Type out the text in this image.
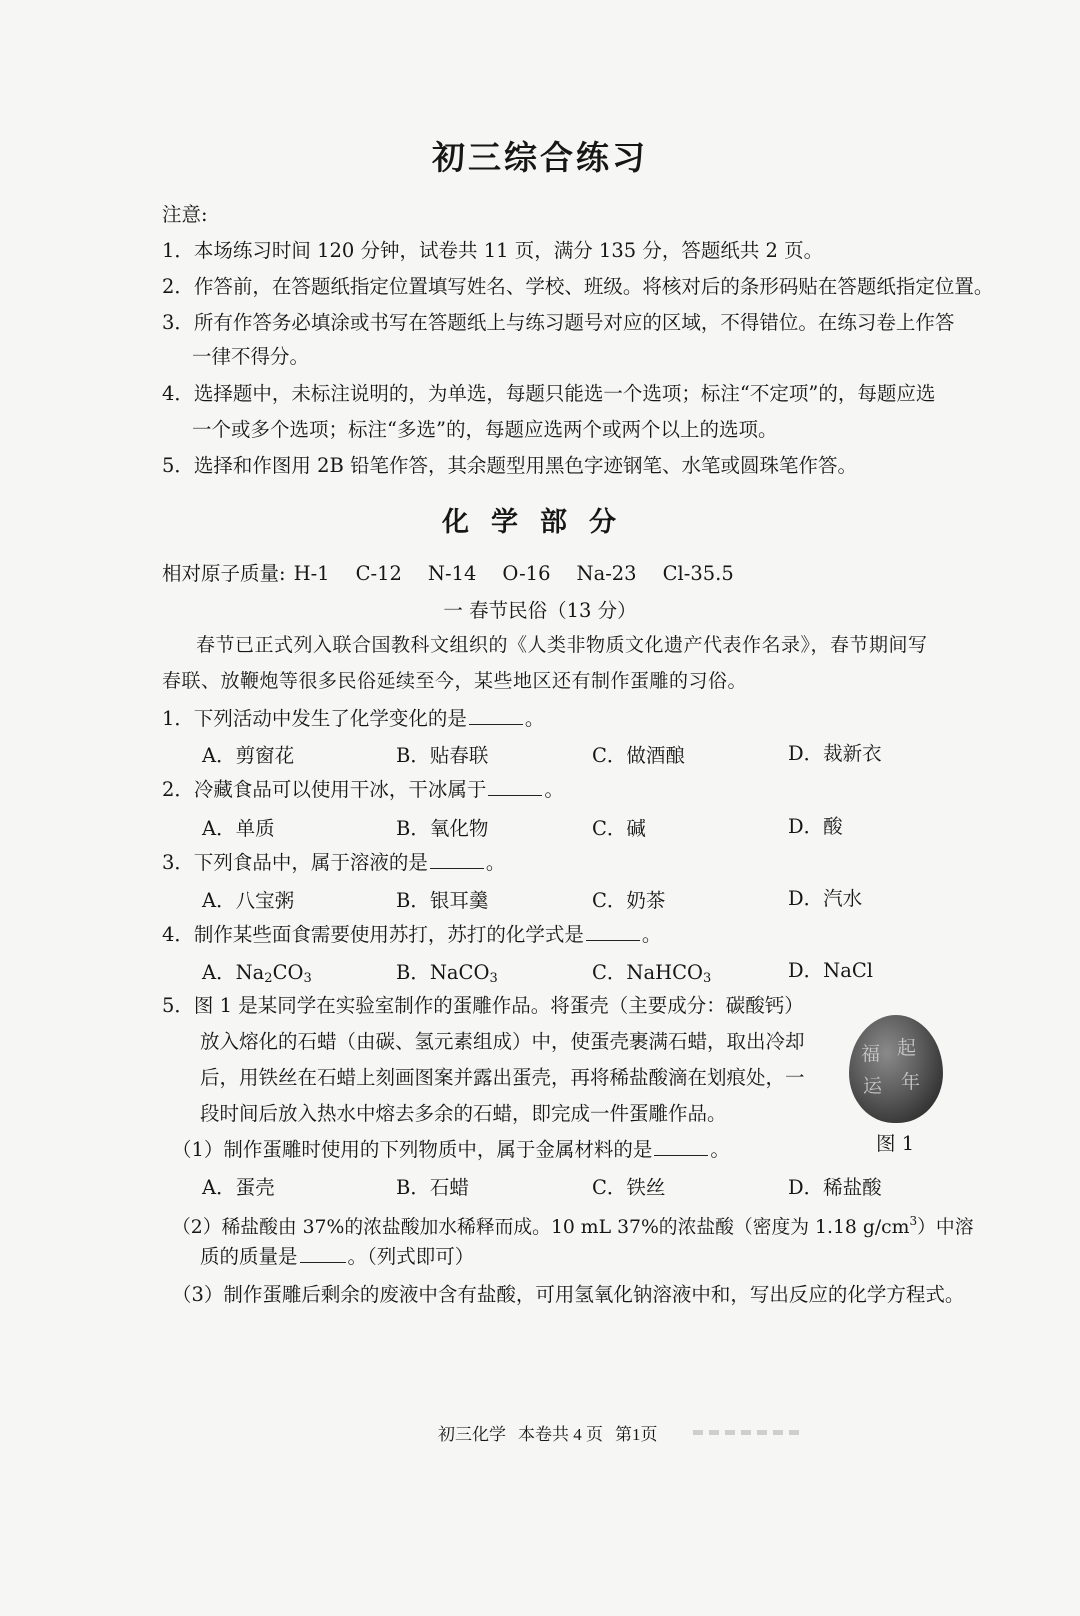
初三综合练习
注意:
1．本场练习时间 120 分钟，试卷共 11 页，满分 135 分，答题纸共 2 页。
2．作答前，在答题纸指定位置填写姓名、学校、班级。将核对后的条形码贴在答题纸指定位置。
3．所有作答务必填涂或书写在答题纸上与练习题号对应的区域，不得错位。在练习卷上作答
一律不得分。
4．选择题中，未标注说明的，为单选，每题只能选一个选项；标注“不定项”的，每题应选
一个或多个选项；标注“多选”的，每题应选两个或两个以上的选项。
5．选择和作图用 2B 铅笔作答，其余题型用黑色字迹钢笔、水笔或圆珠笔作答。
化学部分
相对原子质量: H-1 C-12 N-14 O-16 Na-23 Cl-35.5
一 春节民俗（13 分）
春节已正式列入联合国教科文组织的《人类非物质文化遗产代表作名录》，春节期间写
春联、放鞭炮等很多民俗延续至今，某些地区还有制作蛋雕的习俗。
1．下列活动中发生了化学变化的是	。
A．剪窗花	B．贴春联	C．做酒酿	D．裁新衣
2．冷藏食品可以使用干冰，干冰属于	。
A．单质	B．氧化物	C．碱	D．酸
3．下列食品中，属于溶液的是	。
A．八宝粥	B．银耳羹	C．奶茶	D．汽水
4．制作某些面食需要使用苏打，苏打的化学式是	。
A．$Na_2CO_3$	B．NaCO$_3$	C．NaHCO$_3$	D．NaCl
5．图 1 是某同学在实验室制作的蛋雕作品。将蛋壳（主要成分：碳酸钙）
放入熔化的石蜡（由碳、氢元素组成）中，使蛋壳裹满石蜡，取出冷却
后，用铁丝在石蜡上刻画图案并露出蛋壳，再将稀盐酸滴在划痕处，一
段时间后放入热水中熔去多余的石蜡，即完成一件蛋雕作品。
福 起
运 年
图 1
（1）制作蛋雕时使用的下列物质中，属于金属材料的是	。
A．蛋壳	B．石蜡	C．铁丝	D．稀盐酸
（2）稀盐酸由 37%的浓盐酸加水稀释而成。10 mL 37%的浓盐酸（密度为 1.18 $g/cm^3$）中溶
质的质量是	。（列式即可）
（3）制作蛋雕后剩余的废液中含有盐酸，可用氢氧化钠溶液中和，写出反应的化学方程式。
初三化学 本卷共 4 页 第1页
